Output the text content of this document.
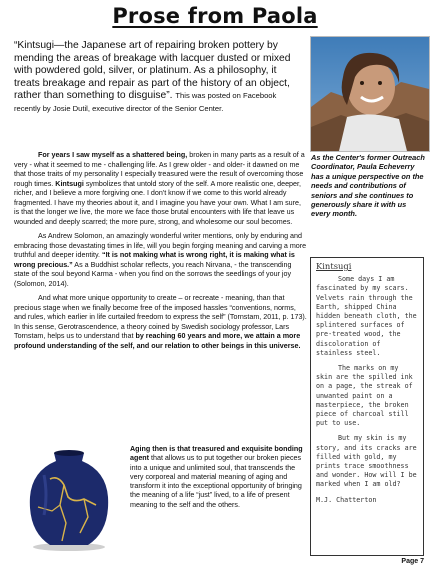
Prose from Paola
“Kintsugi—the Japanese art of repairing broken pottery by mending the areas of breakage with lacquer dusted or mixed with powdered gold, silver, or platinum. As a philosophy, it treats breakage and repair as part of the history of an object, rather than something to disguise”. This was posted on Facebook recently by Josie Dutil, executive director of the Senior Center.
As the Center's former Outreach Coordinator, Paula Echeverry has a unique perspective on the needs and contributions of seniors and she continues to generously share it with us every month.

For years I saw myself as a shattered being, broken in many parts as a result of a very - what it seemed to me - challenging life. As I grew older - and older- it dawned on me that those traits of my personality I especially treasured were the result of overcoming those rough times. Kintsugi symbolizes that untold story of the self. A more realistic one, deeper, richer, and I believe a more forgiving one. I don't know if we come to this world already fragmented. I have my theories about it, and I imagine you have your own. What I am sure, is that the longer we live, the more we face those brutal encounters with life that leave us wounded and deeply scarred; the more pure, strong, and wholesome our soul becomes.

As Andrew Solomon, an amazingly wonderful writer mentions, only by enduring and embracing those devastating times in life, will you begin forging meaning and carving a more truthful and deeper identity. “It is not making what is wrong right, it is making what is wrong precious.” As a Buddhist scholar reflects, you reach Nirvana, - the transcending state of the soul beyond Karma - when you find on the sorrows the seedlings of your joy (Solomon, 2014).

And what more unique opportunity to create – or recreate - meaning, than that precious stage when we finally become free of the imposed hassles “conventions, norms, and rules, which earlier in life curtailed freedom to express the self” (Tornstam, 2011, p. 173). In this sense, Gerotrascendence, a theory coined by Swedish sociology professor, Lars Tornstam, helps us to understand that by reaching 60 years and more, we attain a more profound understanding of the self, and our relation to other beings in this universe.

Kintsugi
Some days I am fascinated by my scars. Velvets rain through the Earth, shipped China hidden beneath cloth, the splintered surfaces of pre-treated wood, the discoloration of stainless steel.
The marks on my skin are the spilled ink on a page, the streak of unwanted paint on a masterpiece, the broken piece of charcoal still put to use.
But my skin is my story, and its cracks are filled with gold, my prints trace smoothness and wonder. How will I be marked when I am old?
M.J. Chatterton
Aging then is that treasured and exquisite bonding agent that allows us to put together our broken pieces into a unique and unlimited soul, that transcends the very corporeal and material meaning of aging and transform it into the exceptional opportunity of bringing the meaning of a life “just” lived, to a life of present meaning to the self and the others.
Page 7
